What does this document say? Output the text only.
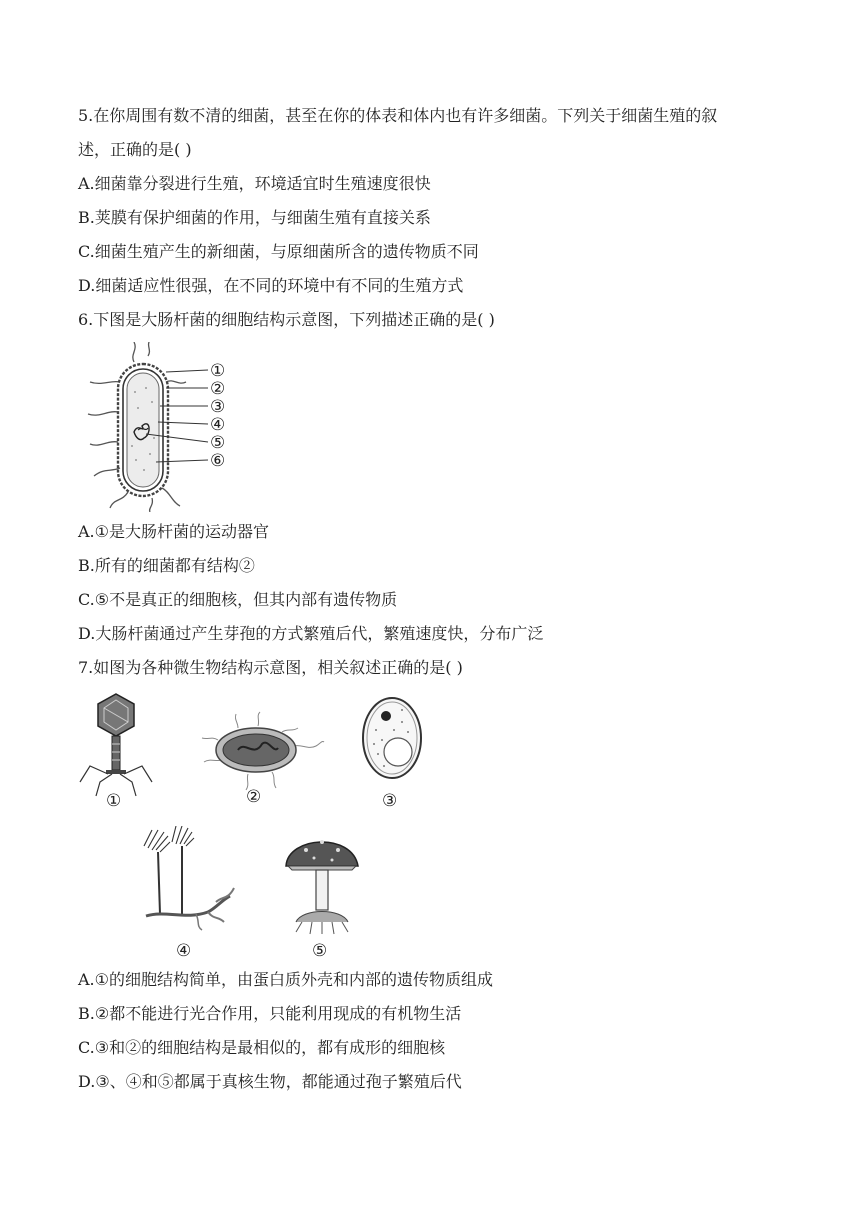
5.在你周围有数不清的细菌，甚至在你的体表和体内也有许多细菌。下列关于细菌生殖的叙
述，正确的是( )
A.细菌靠分裂进行生殖，环境适宜时生殖速度很快
B.荚膜有保护细菌的作用，与细菌生殖有直接关系
C.细菌生殖产生的新细菌，与原细菌所含的遗传物质不同
D.细菌适应性很强，在不同的环境中有不同的生殖方式
6.下图是大肠杆菌的细胞结构示意图，下列描述正确的是( )
①
②
③
④
⑤
⑥
A.①是大肠杆菌的运动器官
B.所有的细菌都有结构②
C.⑤不是真正的细胞核，但其内部有遗传物质
D.大肠杆菌通过产生芽孢的方式繁殖后代，繁殖速度快，分布广泛
7.如图为各种微生物结构示意图，相关叙述正确的是( )
①	②	③
④	⑤
A.①的细胞结构简单，由蛋白质外壳和内部的遗传物质组成
B.②都不能进行光合作用，只能利用现成的有机物生活
C.③和②的细胞结构是最相似的，都有成形的细胞核
D.③、④和⑤都属于真核生物，都能通过孢子繁殖后代
